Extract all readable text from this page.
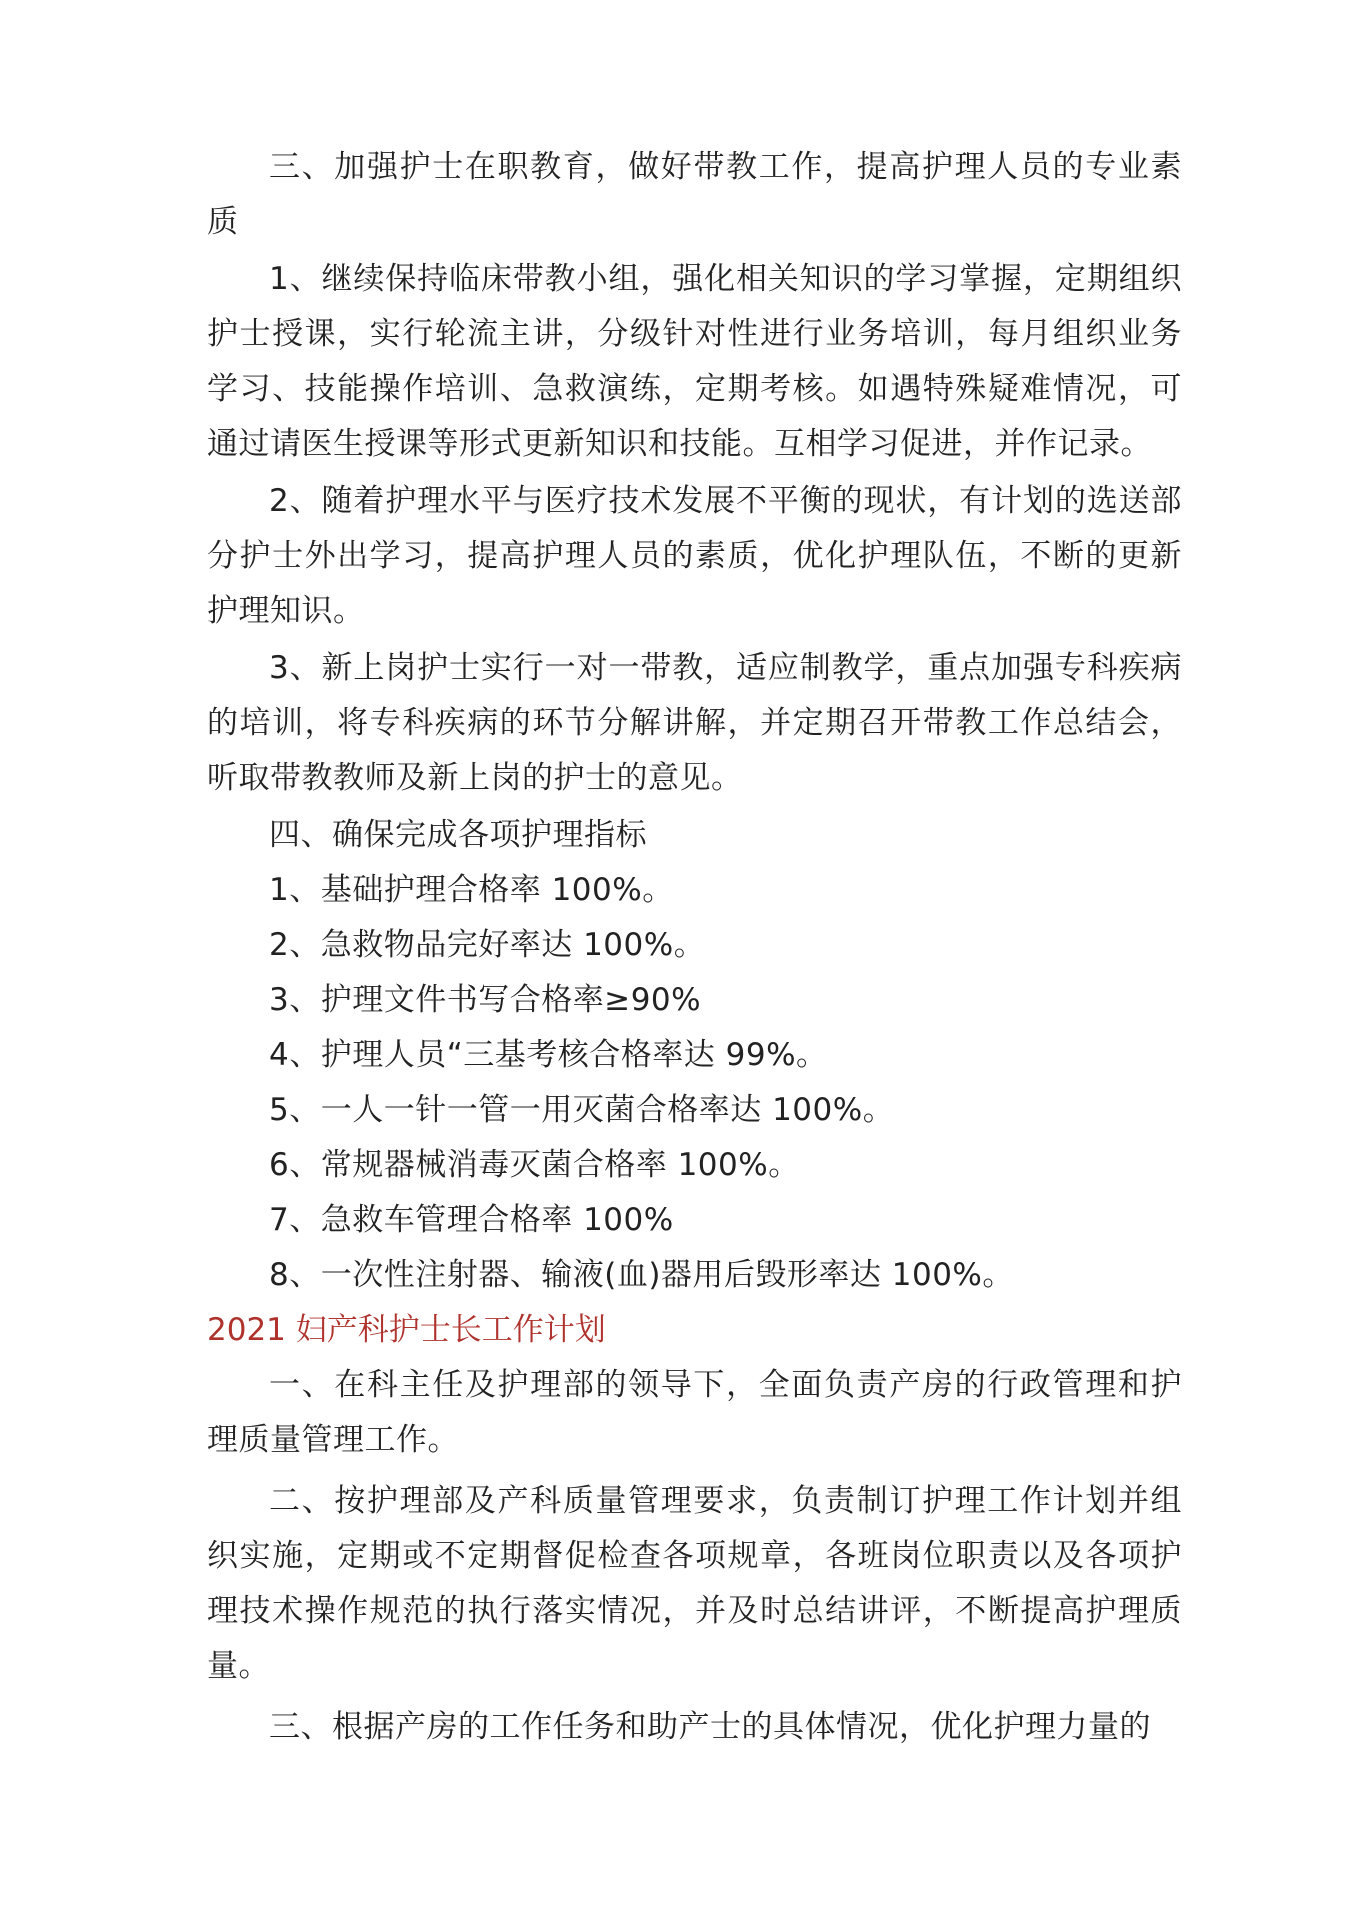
三、加强护士在职教育，做好带教工作，提高护理人员的专业素质

1、继续保持临床带教小组，强化相关知识的学习掌握，定期组织护士授课，实行轮流主讲，分级针对性进行业务培训，每月组织业务学习、技能操作培训、急救演练，定期考核。如遇特殊疑难情况，可通过请医生授课等形式更新知识和技能。互相学习促进，并作记录。

2、随着护理水平与医疗技术发展不平衡的现状，有计划的选送部分护士外出学习，提高护理人员的素质，优化护理队伍，不断的更新护理知识。

3、新上岗护士实行一对一带教，适应制教学，重点加强专科疾病的培训，将专科疾病的环节分解讲解，并定期召开带教工作总结会，听取带教教师及新上岗的护士的意见。

四、确保完成各项护理指标

1、基础护理合格率 100%。

2、急救物品完好率达 100%。

3、护理文件书写合格率≥90%

4、护理人员“三基考核合格率达 99%。

5、一人一针一管一用灭菌合格率达 100%。

6、常规器械消毒灭菌合格率 100%。

7、急救车管理合格率 100%

8、一次性注射器、输液(血)器用后毁形率达 100%。

2021 妇产科护士长工作计划

一、在科主任及护理部的领导下，全面负责产房的行政管理和护理质量管理工作。

二、按护理部及产科质量管理要求，负责制订护理工作计划并组织实施，定期或不定期督促检查各项规章，各班岗位职责以及各项护理技术操作规范的执行落实情况，并及时总结讲评，不断提高护理质量。

三、根据产房的工作任务和助产士的具体情况，优化护理力量的
